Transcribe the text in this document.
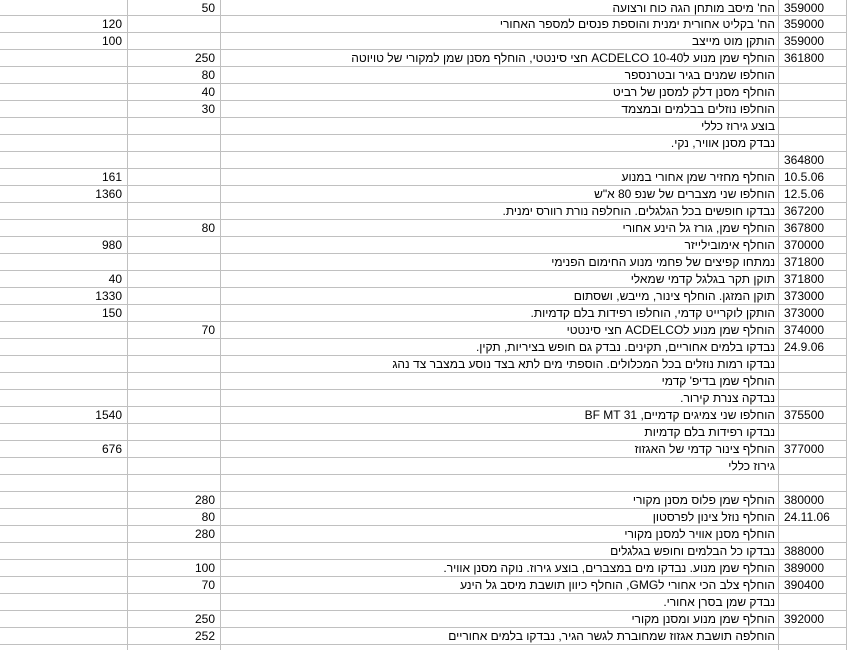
50	הח' מיסב מותחן הגה כוח ורצועה 359000
120	הח' בקליט אחורית ימנית והוספת פנסים למספר האחורי 359000
100	הותקן מוט מייצב 359000
250	הוחלף שמן מנוע לACDELCO 10-40 חצי סינטטי, הוחלף מסנן שמן למקורי של טויוטה 361800
80	הוחלפו שמנים בגיר ובטרנספר
40	הוחלף מסנן דלק למסנן של רביט
30	הוחלפו נוזלים בבלמים ובמצמד
בוצע גירוז כללי
נבדק מסנן אוויר, נקי.
364800
161	הוחלף מחזיר שמן אחורי במנוע 10.5.06
1360	הוחלפו שני מצברים של שנפ 80 א"ש 12.5.06
נבדקו חופשים בכל הגלגלים. הוחלפה נורת רוורס ימנית. 367200
80	הוחלף שמן, גורז גל הינע אחורי 367800
980	הוחלף אימובילייזר 370000
נמתחו קפיצים של פחמי מנוע החימום הפנימי 371800
40	תוקן תקר בגלגל קדמי שמאלי 371800
1330	תוקן המזגן. הוחלף צינור, מייבש, ושסתום 373000
150	הותקן לוקרייט קדמי, הוחלפו רפידות בלם קדמיות. 373000
70	הוחלף שמן מנוע לACDELCO חצי סינטטי 374000
נבדקו בלמים אחוריים, תקינים. נבדק גם חופש בציריות, תקין. 24.9.06
נבדקו רמות נוזלים בכל המכלולים. הוספתי מים לתא בצד נוסע במצבר צד נהג
הוחלף שמן בדיפ' קדמי
נבדקה צנרת קירור.
1540	הוחלפו שני צמיגים קדמיים, BF MT 31 375500
נבדקו רפידות בלם קדמיות
676	הוחלף צינור קדמי של האגזוז 377000
גירוז כללי
280	הוחלף שמן פלוס מסנן מקורי 380000
80	הוחלף נוזל צינון לפרסטון 24.11.06
280	הוחלף מסנן אוויר למסנן מקורי
נבדקו כל הבלמים וחופש בגלגלים 388000
100	הוחלף שמן מנוע. נבדקו מים במצברים, בוצע גירוז. נוקה מסנן אוויר. 389000
70	הוחלף צלב הכי אחורי לGMG, הוחלף כיוון תושבת מיסב גל הינע 390400
נבדק שמן בסרן אחורי.
250	הוחלף שמן מנוע ומסנן מקורי 392000
252	הוחלפה תושבת אגזוז שמחוברת לגשר הגיר, נבדקו בלמים אחוריים
